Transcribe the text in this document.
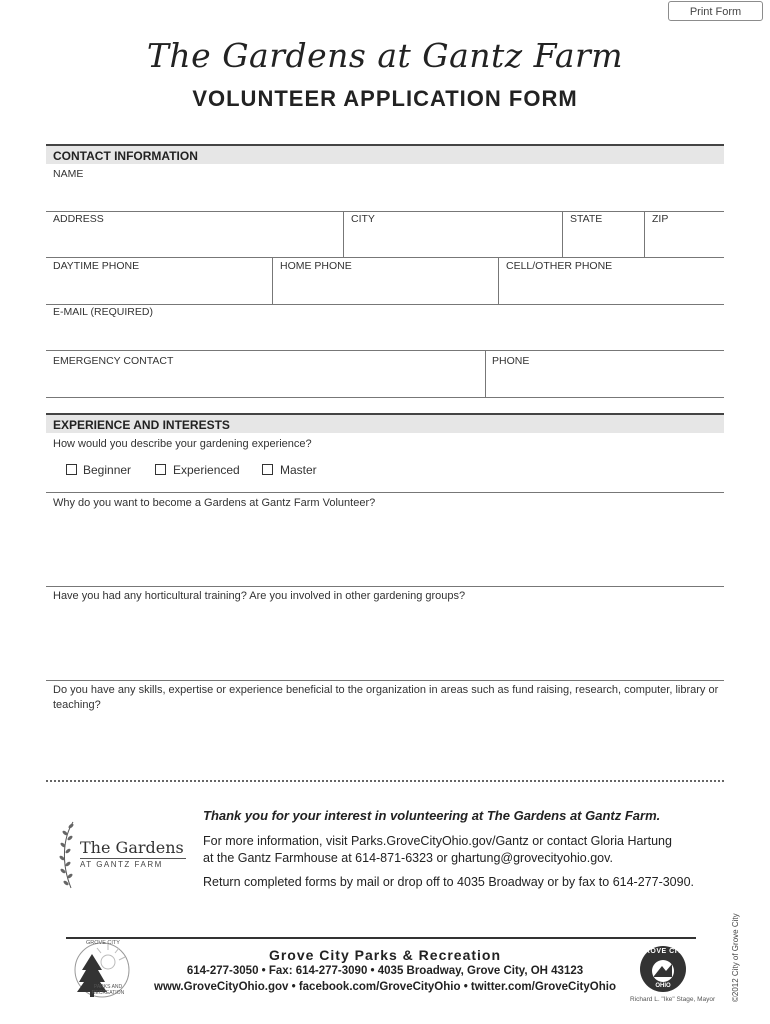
Print Form
The Gardens at Gantz Farm
VOLUNTEER APPLICATION FORM
CONTACT INFORMATION
NAME
ADDRESS	CITY	STATE	ZIP
DAYTIME PHONE	HOME PHONE	CELL/OTHER PHONE
E-MAIL (REQUIRED)
EMERGENCY CONTACT	PHONE
EXPERIENCE AND INTERESTS
How would you describe your gardening experience?
Beginner	Experienced	Master
Why do you want to become a Gardens at Gantz Farm Volunteer?
Have you had any horticultural training? Are you involved in other gardening groups?
Do you have any skills, expertise or experience beneficial to the organization in areas such as fund raising, research, computer, library or teaching?
The Gardens
AT GANTZ FARM
Thank you for your interest in volunteering at The Gardens at Gantz Farm.
For more information, visit Parks.GroveCityOhio.gov/Gantz or contact Gloria Hartung
at the Gantz Farmhouse at 614-871-6323 or ghartung@grovecityohio.gov.
Return completed forms by mail or drop off to 4035 Broadway or by fax to 614-277-3090.
©2012 City of Grove City
GROVE CITY
PARKS AND RECREATION
Grove City Parks & Recreation
614-277-3050 • Fax: 614-277-3090 • 4035 Broadway, Grove City, OH 43123
www.GroveCityOhio.gov • facebook.com/GroveCityOhio • twitter.com/GroveCityOhio
GROVE CITY
OHIO
Richard L. "Ike" Stage, Mayor
